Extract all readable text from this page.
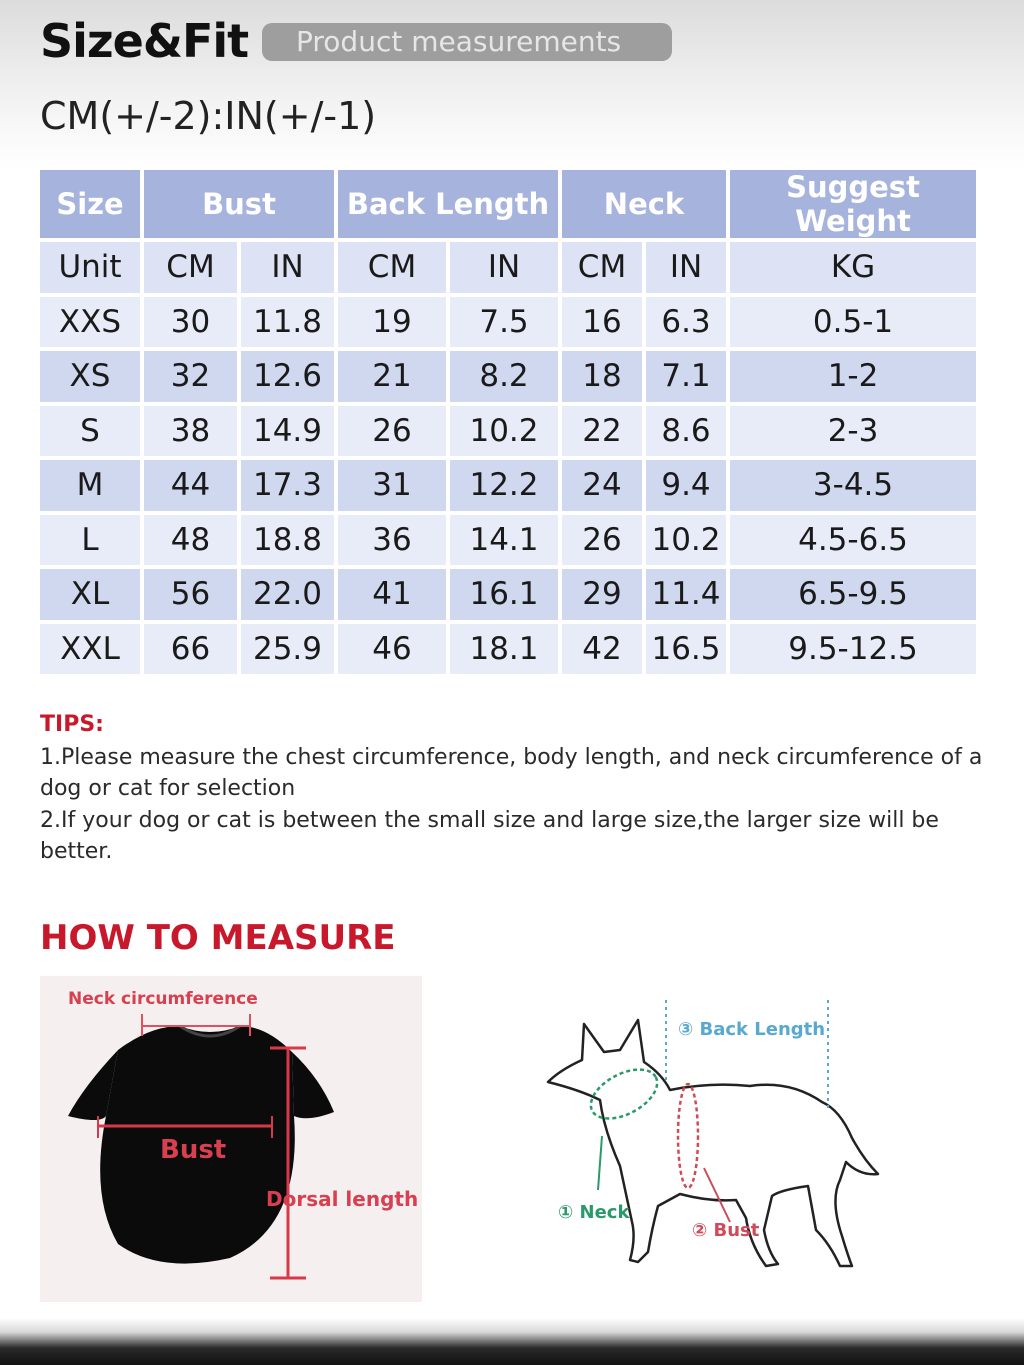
Size&Fit	Product measurements
CM(+/-2):IN(+/-1)
Size	Bust		Back Length		Neck		Suggest Weight
Unit	CM	IN	CM	IN	CM	IN	KG
XXS	30	11.8	19	7.5	16	6.3	0.5-1
XS	32	12.6	21	8.2	18	7.1	1-2
S	38	14.9	26	10.2	22	8.6	2-3
M	44	17.3	31	12.2	24	9.4	3-4.5
L	48	18.8	36	14.1	26	10.2	4.5-6.5
XL	56	22.0	41	16.1	29	11.4	6.5-9.5
XXL	66	25.9	46	18.1	42	16.5	9.5-12.5
TIPS:
1.Please measure the chest circumference, body length, and neck circumference of a dog or cat for selection
2.If your dog or cat is between the small size and large size,the larger size will be better.
HOW TO MEASURE
Neck circumference
Bust
Dorsal length
③ Back Length
① Neck
② Bust
